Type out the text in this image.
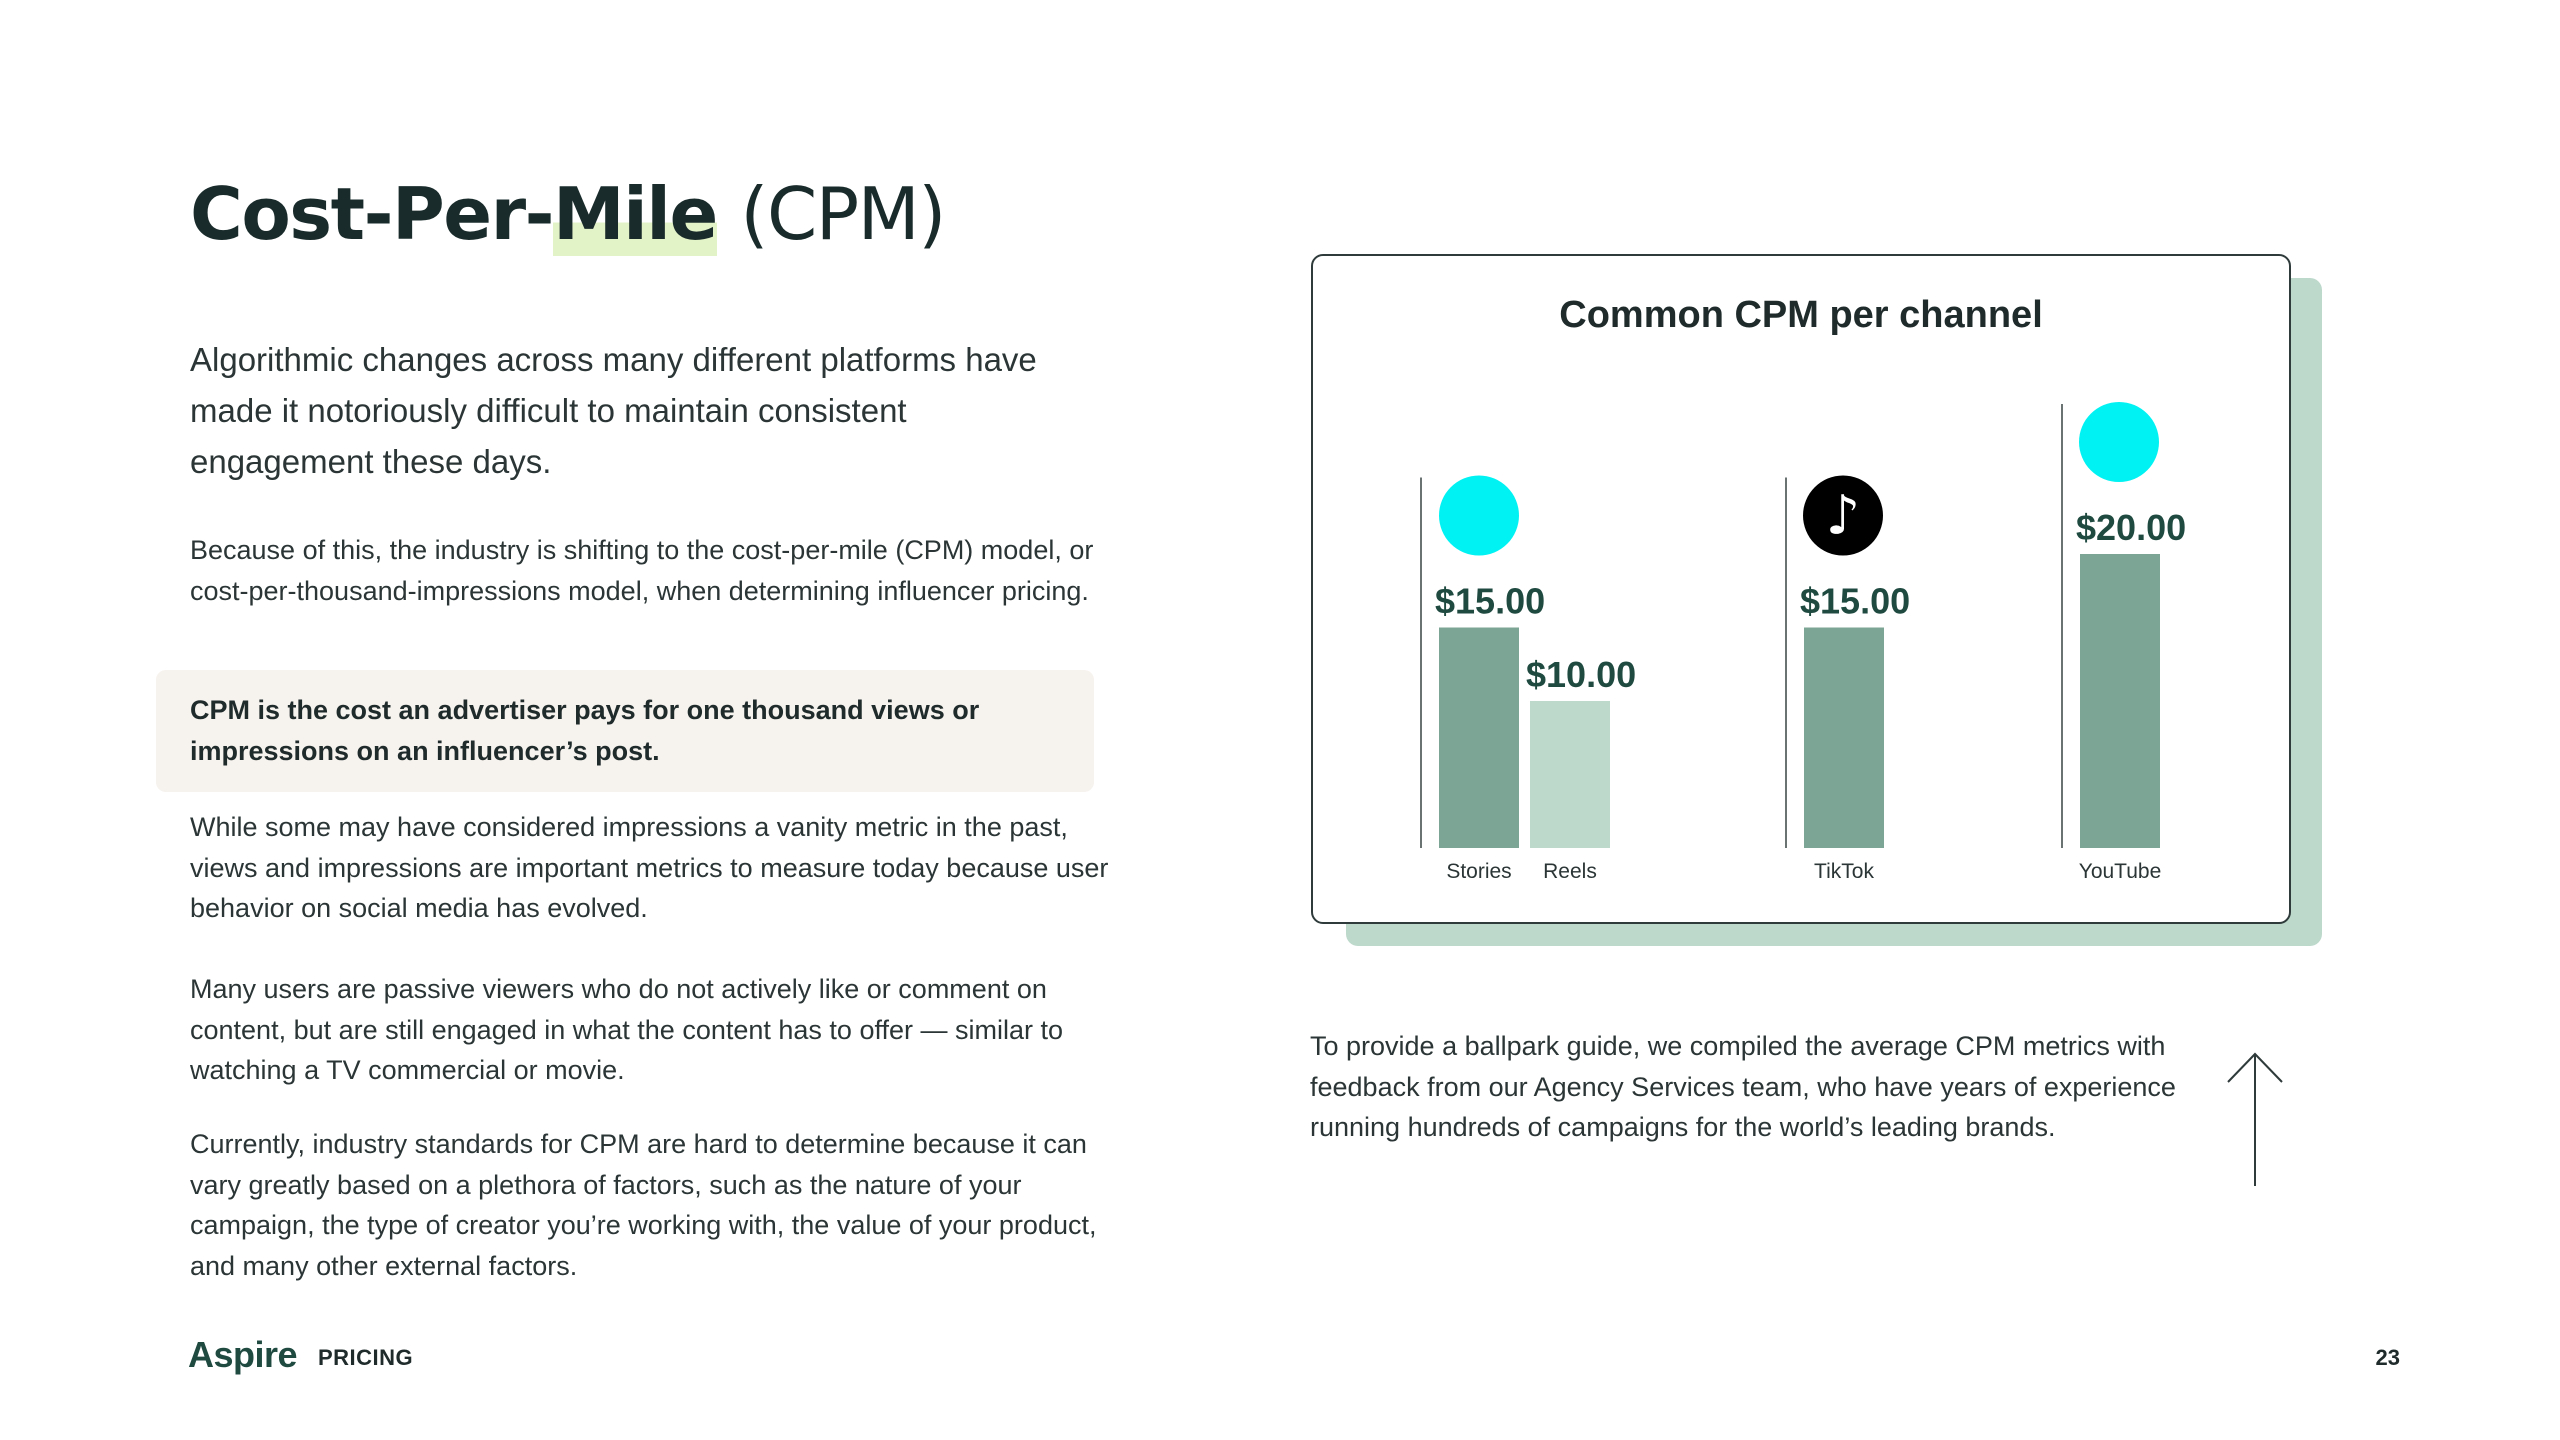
Cost-Per-Mile (CPM)

Algorithmic changes across many different platforms have made it notoriously difficult to maintain consistent engagement these days.

Because of this, the industry is shifting to the cost-per-mile (CPM) model, or cost-per-thousand-impressions model, when determining influencer pricing.

CPM is the cost an advertiser pays for one thousand views or impressions on an influencer’s post.

While some may have considered impressions a vanity metric in the past, views and impressions are important metrics to measure today because user behavior on social media has evolved.

Many users are passive viewers who do not actively like or comment on content, but are still engaged in what the content has to offer — similar to watching a TV commercial or movie.

Currently, industry standards for CPM are hard to determine because it can vary greatly based on a plethora of factors, such as the nature of your campaign, the type of creator you’re working with, the value of your product, and many other external factors.

Common CPM per channel
♪
$15.00
Stories
$10.00
Reels
$15.00
TikTok
$20.00
YouTube

To provide a ballpark guide, we compiled the average CPM metrics with feedback from our Agency Services team, who have years of experience running hundreds of campaigns for the world’s leading brands.

Aspire PRICING	23
